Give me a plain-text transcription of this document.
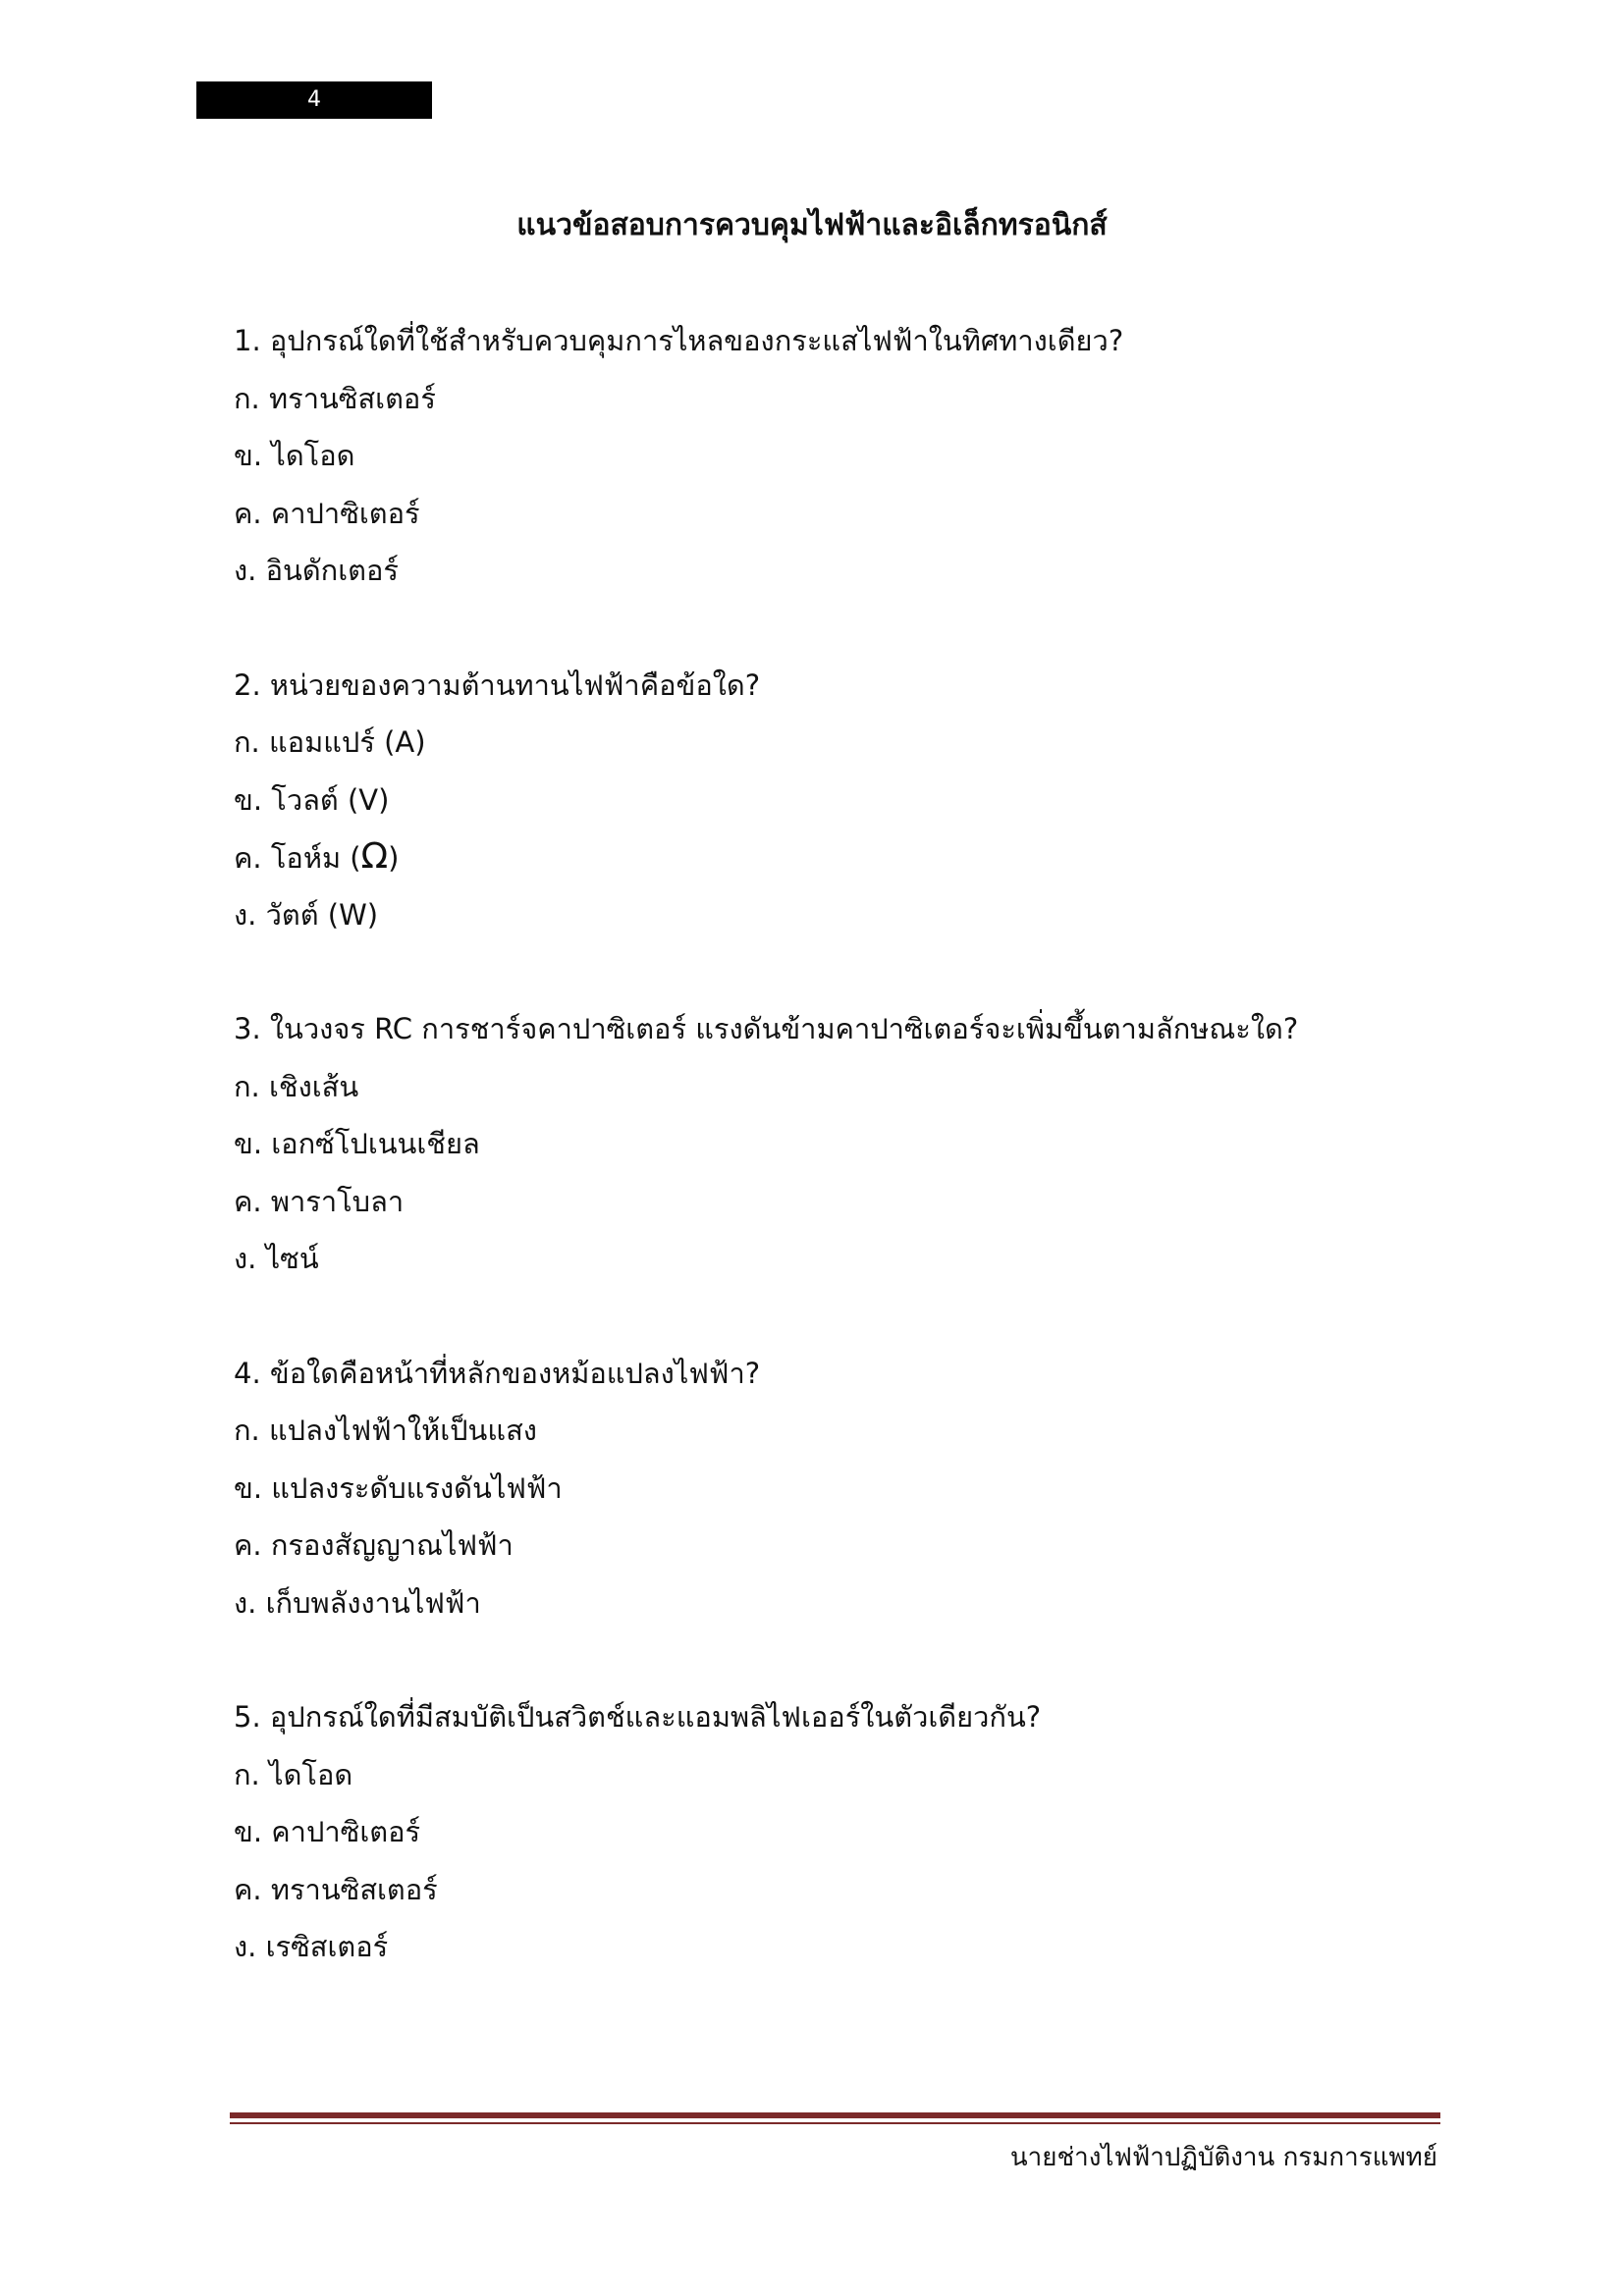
4
แนวข้อสอบการควบคุมไฟฟ้าและอิเล็กทรอนิกส์
1. อุปกรณ์ใดที่ใช้สำหรับควบคุมการไหลของกระแสไฟฟ้าในทิศทางเดียว?
ก. ทรานซิสเตอร์
ข. ไดโอด
ค. คาปาซิเตอร์
ง. อินดักเตอร์
2. หน่วยของความต้านทานไฟฟ้าคือข้อใด?
ก. แอมแปร์ (A)
ข. โวลต์ (V)
ค. โอห์ม (Ω)
ง. วัตต์ (W)
3. ในวงจร RC การชาร์จคาปาซิเตอร์ แรงดันข้ามคาปาซิเตอร์จะเพิ่มขึ้นตามลักษณะใด?
ก. เชิงเส้น
ข. เอกซ์โปเนนเชียล
ค. พาราโบลา
ง. ไซน์
4. ข้อใดคือหน้าที่หลักของหม้อแปลงไฟฟ้า?
ก. แปลงไฟฟ้าให้เป็นแสง
ข. แปลงระดับแรงดันไฟฟ้า
ค. กรองสัญญาณไฟฟ้า
ง. เก็บพลังงานไฟฟ้า
5. อุปกรณ์ใดที่มีสมบัติเป็นสวิตช์และแอมพลิไฟเออร์ในตัวเดียวกัน?
ก. ไดโอด
ข. คาปาซิเตอร์
ค. ทรานซิสเตอร์
ง. เรซิสเตอร์
นายช่างไฟฟ้าปฏิบัติงาน กรมการแพทย์
